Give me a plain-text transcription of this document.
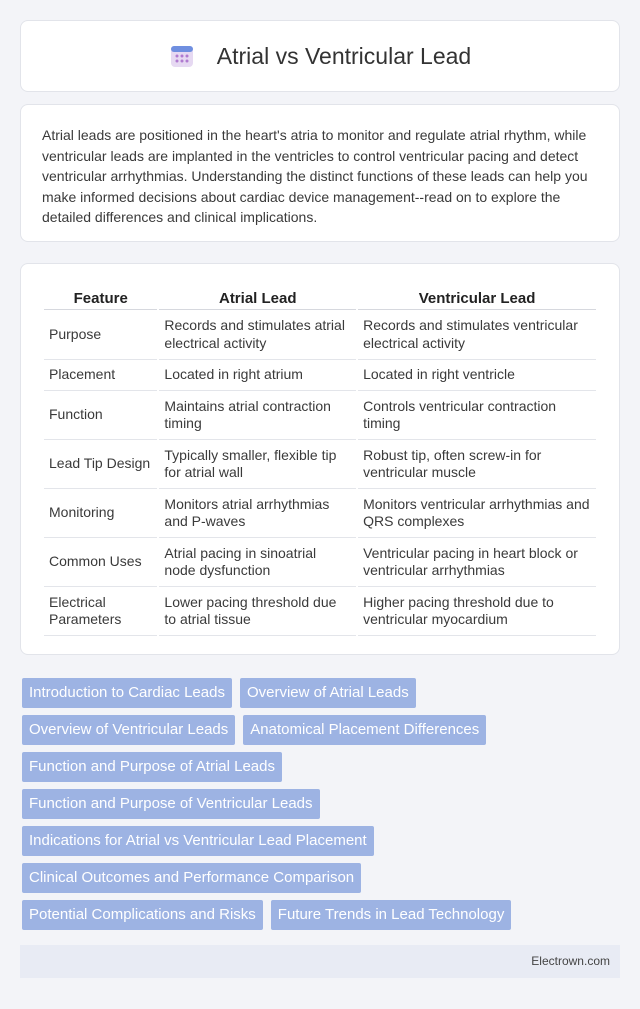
Atrial vs Ventricular Lead

Atrial leads are positioned in the heart's atria to monitor and regulate atrial rhythm, while ventricular leads are implanted in the ventricles to control ventricular pacing and detect ventricular arrhythmias. Understanding the distinct functions of these leads can help you make informed decisions about cardiac device management--read on to explore the detailed differences and clinical implications.

Feature	Atrial Lead	Ventricular Lead
Purpose	Records and stimulates atrial electrical activity	Records and stimulates ventricular electrical activity
Placement	Located in right atrium	Located in right ventricle
Function	Maintains atrial contraction timing	Controls ventricular contraction timing
Lead Tip Design	Typically smaller, flexible tip for atrial wall	Robust tip, often screw-in for ventricular muscle
Monitoring	Monitors atrial arrhythmias and P-waves	Monitors ventricular arrhythmias and QRS complexes
Common Uses	Atrial pacing in sinoatrial node dysfunction	Ventricular pacing in heart block or ventricular arrhythmias
Electrical Parameters	Lower pacing threshold due to atrial tissue	Higher pacing threshold due to ventricular myocardium
Introduction to Cardiac Leads	Overview of Atrial Leads
Overview of Ventricular Leads	Anatomical Placement Differences
Function and Purpose of Atrial Leads
Function and Purpose of Ventricular Leads
Indications for Atrial vs Ventricular Lead Placement
Clinical Outcomes and Performance Comparison
Potential Complications and Risks	Future Trends in Lead Technology
Electrown.com
